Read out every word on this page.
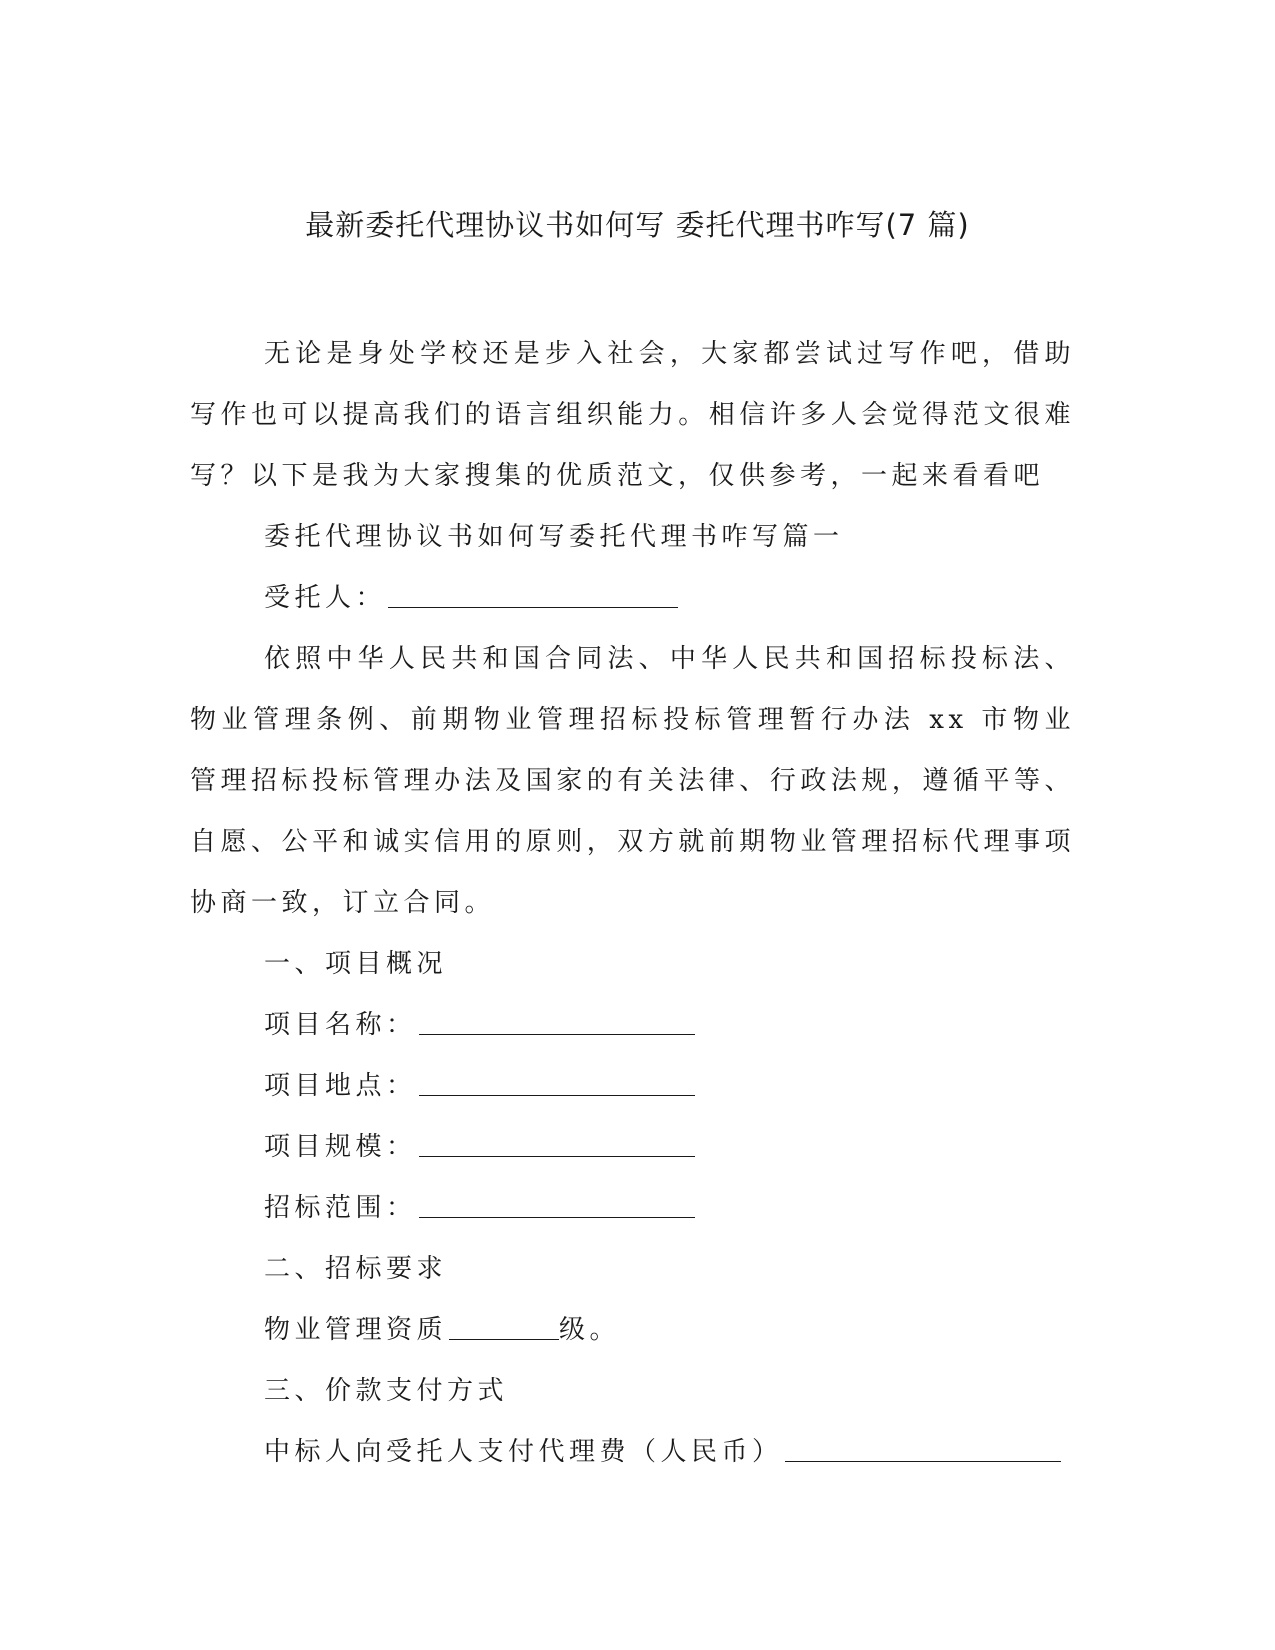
最新委托代理协议书如何写 委托代理书咋写(7 篇)

无论是身处学校还是步入社会，大家都尝试过写作吧，借助写作也可以提高我们的语言组织能力。相信许多人会觉得范文很难写？以下是我为大家搜集的优质范文，仅供参考，一起来看看吧

委托代理协议书如何写委托代理书咋写篇一

受托人：

依照中华人民共和国合同法、中华人民共和国招标投标法、物业管理条例、前期物业管理招标投标管理暂行办法 xx 市物业管理招标投标管理办法及国家的有关法律、行政法规，遵循平等、自愿、公平和诚实信用的原则，双方就前期物业管理招标代理事项协商一致，订立合同。

一、项目概况

项目名称：

项目地点：

项目规模：

招标范围：

二、招标要求

物业管理资质	级。

三、价款支付方式

中标人向受托人支付代理费（人民币）
